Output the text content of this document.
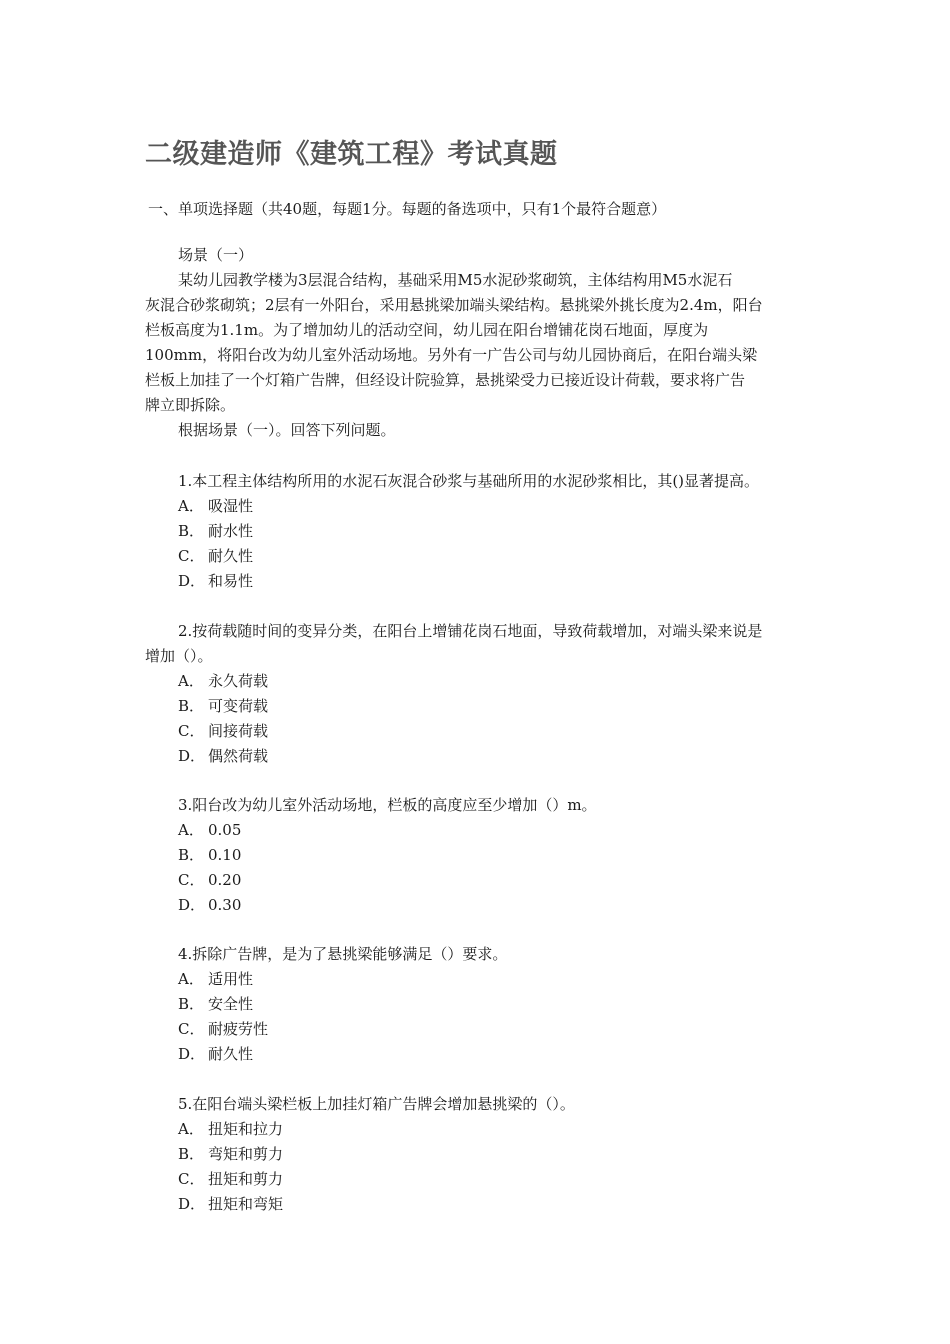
二级建造师《建筑工程》考试真题
一、单项选择题（共40题，每题1分。每题的备选项中，只有1个最符合题意）
场景（一）
某幼儿园教学楼为3层混合结构，基础采用M5水泥砂浆砌筑，主体结构用M5水泥石
灰混合砂浆砌筑；2层有一外阳台，采用悬挑梁加端头梁结构。悬挑梁外挑长度为2.4m，阳台
栏板高度为1.1m。为了增加幼儿的活动空间，幼儿园在阳台增铺花岗石地面，厚度为
100mm，将阳台改为幼儿室外活动场地。另外有一广告公司与幼儿园协商后，在阳台端头梁
栏板上加挂了一个灯箱广告牌，但经设计院验算，悬挑梁受力已接近设计荷载，要求将广告
牌立即拆除。
根据场景（一）。回答下列问题。
1.本工程主体结构所用的水泥石灰混合砂浆与基础所用的水泥砂浆相比，其()显著提高。
A． 吸湿性
B． 耐水性
C． 耐久性
D． 和易性
2.按荷载随时间的变异分类，在阳台上增铺花岗石地面，导致荷载增加，对端头梁来说是
增加（）。
A． 永久荷载
B． 可变荷载
C． 间接荷载
D． 偶然荷载
3.阳台改为幼儿室外活动场地，栏板的高度应至少增加（）m。
A． 0.05
B． 0.10
C． 0.20
D． 0.30
4.拆除广告牌，是为了悬挑梁能够满足（）要求。
A． 适用性
B． 安全性
C． 耐疲劳性
D． 耐久性
5.在阳台端头梁栏板上加挂灯箱广告牌会增加悬挑梁的（）。
A． 扭矩和拉力
B． 弯矩和剪力
C． 扭矩和剪力
D． 扭矩和弯矩
